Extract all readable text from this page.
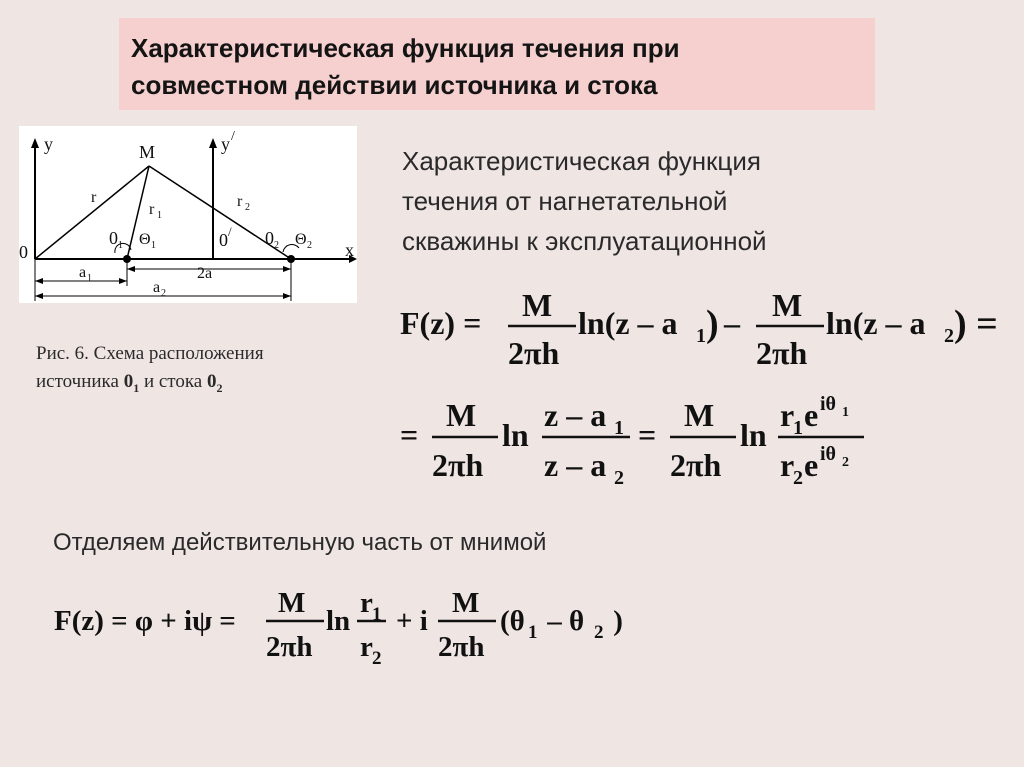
Характеристическая функция течения при
совместном действии источника и стока
y	y /
M
x
0
r
r 1
r 2
0 1 Θ 1	0 / 0 2 Θ 2
a 1	2a
a 2
Рис. 6. Схема расположения
источника $0_1$ и стока $0_2$
Характеристическая функция
течения от нагнетательной
скважины к эксплуатационной
F(z) = M
2πh
ln(z – a 1 ) – M
2πh
ln(z – a 2 ) =
=
M
2πh
ln
z – a 1
z – a 2
=
M
2πh
ln
r
1 e iθ 1
r
2 e iθ 2
Отделяем действительную часть от мнимой
F(z) = φ + iψ =
M
2πh
ln
r 1
r 2
+ i
M
2πh
(θ 1 – θ 2 )
